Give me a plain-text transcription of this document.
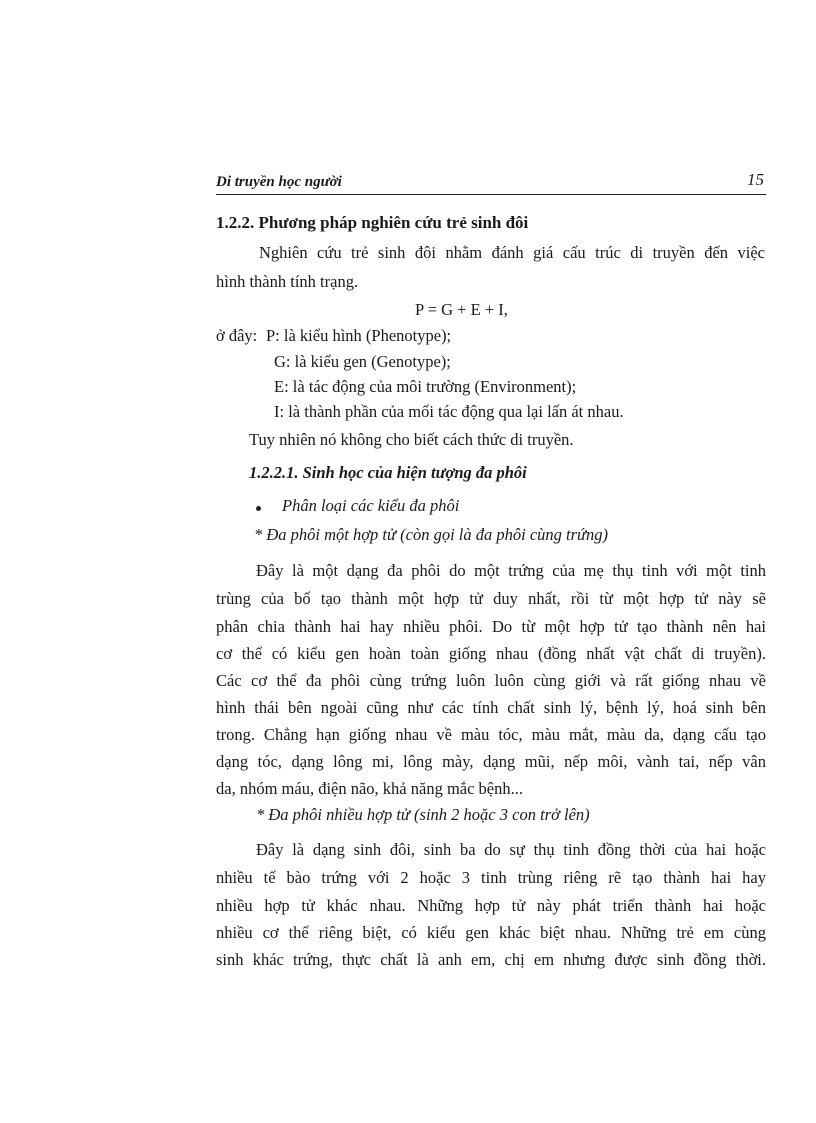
Di truyền học người	15
1.2.2. Phương pháp nghiên cứu trẻ sinh đôi
Nghiên cứu trẻ sinh đôi nhằm đánh giá cấu trúc di truyền đến việc
hình thành tính trạng.
P = G + E + I,
ở đây: P: là kiểu hình (Phenotype);
G: là kiểu gen (Genotype);
E: là tác động của môi trường (Environment);
I: là thành phần của mối tác động qua lại lấn át nhau.
Tuy nhiên nó không cho biết cách thức di truyền.
1.2.2.1. Sinh học của hiện tượng đa phôi
Phân loại các kiểu đa phôi
* Đa phôi một hợp tử (còn gọi là đa phôi cùng trứng)
Đây là một dạng đa phôi do một trứng của mẹ thụ tinh với một tinh
trùng của bố tạo thành một hợp tử duy nhất, rồi từ một hợp tử này sẽ
phân chia thành hai hay nhiều phôi. Do từ một hợp tử tạo thành nên hai
cơ thể có kiểu gen hoàn toàn giống nhau (đồng nhất vật chất di truyền).
Các cơ thể đa phôi cùng trứng luôn luôn cùng giới và rất giống nhau về
hình thái bên ngoài cũng như các tính chất sinh lý, bệnh lý, hoá sinh bên
trong. Chẳng hạn giống nhau về màu tóc, màu mắt, màu da, dạng cấu tạo
dạng tóc, dạng lông mi, lông mày, dạng mũi, nếp môi, vành tai, nếp vân
da, nhóm máu, điện não, khả năng mắc bệnh...
* Đa phôi nhiều hợp tử (sinh 2 hoặc 3 con trở lên)
Đây là dạng sinh đôi, sinh ba do sự thụ tinh đồng thời của hai hoặc
nhiều tế bào trứng với 2 hoặc 3 tinh trùng riêng rẽ tạo thành hai hay
nhiều hợp tử khác nhau. Những hợp tử này phát triển thành hai hoặc
nhiều cơ thể riêng biệt, có kiểu gen khác biệt nhau. Những trẻ em cùng
sinh khác trứng, thực chất là anh em, chị em nhưng được sinh đồng thời.
